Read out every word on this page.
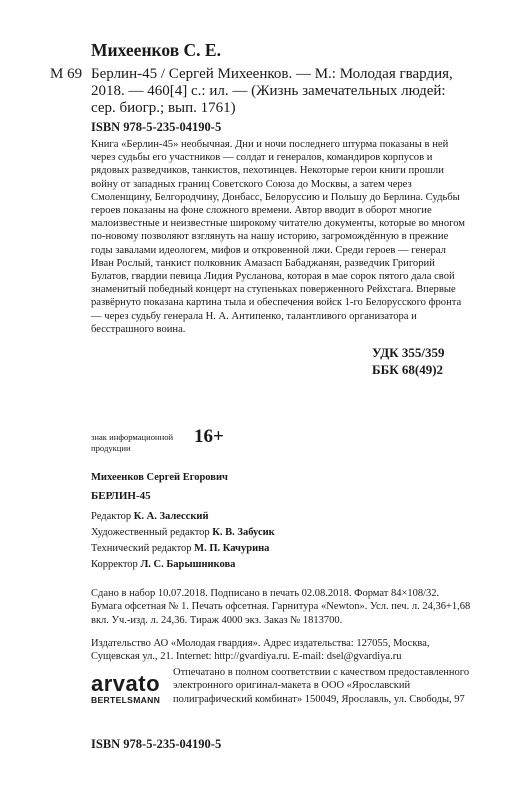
Михеенков С. Е.
М 69 Берлин-45 / Сергей Михеенков. — М.: Молодая гвардия, 2018. — 460[4] с.: ил. — (Жизнь замечательных людей: сер. биогр.; вып. 1761)
ISBN 978-5-235-04190-5
Книга «Берлин-45» необычная. Дни и ночи последнего штурма показаны в ней через судьбы его участников — солдат и генералов, командиров корпусов и рядовых разведчиков, танкистов, пехотинцев. Некоторые герои книги прошли войну от западных границ Советского Союза до Москвы, а затем через Смоленщину, Белгородчину, Донбасс, Белоруссию и Польшу до Берлина. Судьбы героев показаны на фоне сложного времени. Автор вводит в оборот многие малоизвестные и неизвестные широкому читателю документы, которые во многом по-новому позволяют взглянуть на нашу историю, загромождённую в прежние годы завалами идеологем, мифов и откровенной лжи. Среди героев — генерал Иван Рослый, танкист полковник Амазасп Бабаджанян, разведчик Григорий Булатов, гвардии певица Лидия Русланова, которая в мае сорок пятого дала свой знаменитый победный концерт на ступеньках поверженного Рейхстага. Впервые развёрнуто показана картина тыла и обеспечения войск 1-го Белорусского фронта — через судьбу генерала Н. А. Антипенко, талантливого организатора и бесстрашного воина.
УДК 355/359
ББК 68(49)2
знак информационной продукции
16+
Михеенков Сергей Егорович
БЕРЛИН-45
Редактор К. А. Залесский
Художественный редактор К. В. Забусик
Технический редактор М. П. Качурина
Корректор Л. С. Барышникова
Сдано в набор 10.07.2018. Подписано в печать 02.08.2018. Формат 84×108/32. Бумага офсетная № 1. Печать офсетная. Гарнитура «Newton». Усл. печ. л. 24,36+1,68 вкл. Уч.-изд. л. 24,36. Тираж 4000 экз. Заказ № 1813700.
Издательство АО «Молодая гвардия». Адрес издательства: 127055, Москва, Сущевская ул., 21. Internet: http://gvardiya.ru. E-mail: dsel@gvardiya.ru
arvato
BERTELSMANN
Отпечатано в полном соответствии с качеством предоставленного электронного оригинал-макета в ООО «Ярославский полиграфический комбинат» 150049, Ярославль, ул. Свободы, 97
ISBN 978-5-235-04190-5
